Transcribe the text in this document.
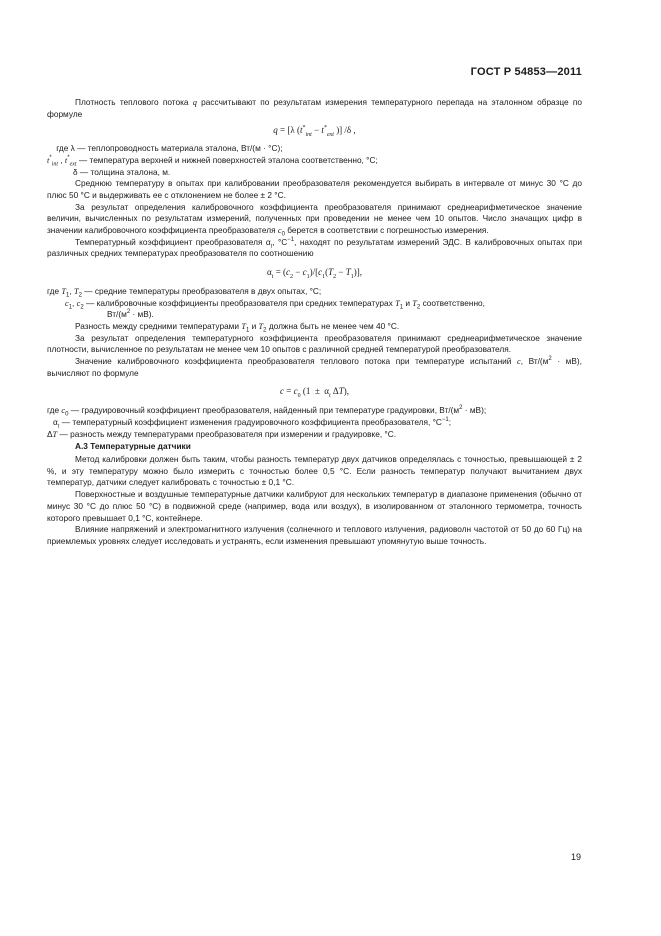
ГОСТ Р 54853—2011

Плотность теплового потока q рассчитывают по результатам измерения температурного перепада на эталонном образце по формуле

q = [λ ($t^*_{int} - t^*_{ext}$ )] /δ ,

где λ — теплопроводность материала эталона, Вт/(м · °С);

$t^*_{int}$ , $t^*_{ext}$ — температура верхней и нижней поверхностей эталона соответственно, °С;

δ — толщина эталона, м.

Среднюю температуру в опытах при калибровании преобразователя рекомендуется выбирать в интервале от минус 30 °С до плюс 50 °С и выдерживать ее с отклонением не более ± 2 °С.

За результат определения калибровочного коэффициента преобразователя принимают среднеарифметическое значение величин, вычисленных по результатам измерений, полученных при проведении не менее чем 10 опытов. Число значащих цифр в значении калибровочного коэффициента преобразователя $c_0$ берется в соответствии с погрешностью измерения.

Температурный коэффициент преобразователя $\alpha_t$, $^\circ С^{-1}$, находят по результатам измерений ЭДС. В калибровочных опытах при различных средних температурах преобразователя по соотношению

$\alpha_t = (c_2 - c_1)/[c_1(T_2 - T_1)]$,

где $T_1$, $T_2$ — средние температуры преобразователя в двух опытах, °С;

$c_1$, $c_2$ — калибровочные коэффициенты преобразователя при средних температурах $T_1$ и $T_2$ соответственно,
$Вт/(м^2 \cdot мВ)$.

Разность между средними температурами $T_1$ и $T_2$ должна быть не менее чем 40 °С.

За результат определения температурного коэффициента преобразователя принимают среднеарифметическое значение плотности, вычисленное по результатам не менее чем 10 опытов с различной средней температурой преобразователя.

Значение калибровочного коэффициента преобразователя теплового потока при температуре испытаний c, $Вт/(м^2 \cdot мВ)$, вычисляют по формуле

$c = c_0$ ($1 \pm \alpha_t$ ΔT),

где $c_0$ — градуировочный коэффициент преобразователя, найденный при температуре градуировки, $Вт/(м^2 \cdot мВ)$;

$\alpha_t$ — температурный коэффициент изменения градуировочного коэффициента преобразователя, $^\circ С^{-1}$;

ΔT — разность между температурами преобразователя при измерении и градуировке, °С.

А.3 Температурные датчики

Метод калибровки должен быть таким, чтобы разность температур двух датчиков определялась с точностью, превышающей ± 2 %, и эту температуру можно было измерить с точностью более 0,5 °С. Если разность температур получают вычитанием двух температур, датчики следует калибровать с точностью ± 0,1 °С.

Поверхностные и воздушные температурные датчики калибруют для нескольких температур в диапазоне применения (обычно от минус 30 °С до плюс 50 °С) в подвижной среде (например, вода или воздух), в изолированном от эталонного термометра, точность которого превышает 0,1 °С, контейнере.

Влияние напряжений и электромагнитного излучения (солнечного и теплового излучения, радиоволн частотой от 50 до 60 Гц) на приемлемых уровнях следует исследовать и устранять, если изменения превышают упомянутую выше точность.

19
